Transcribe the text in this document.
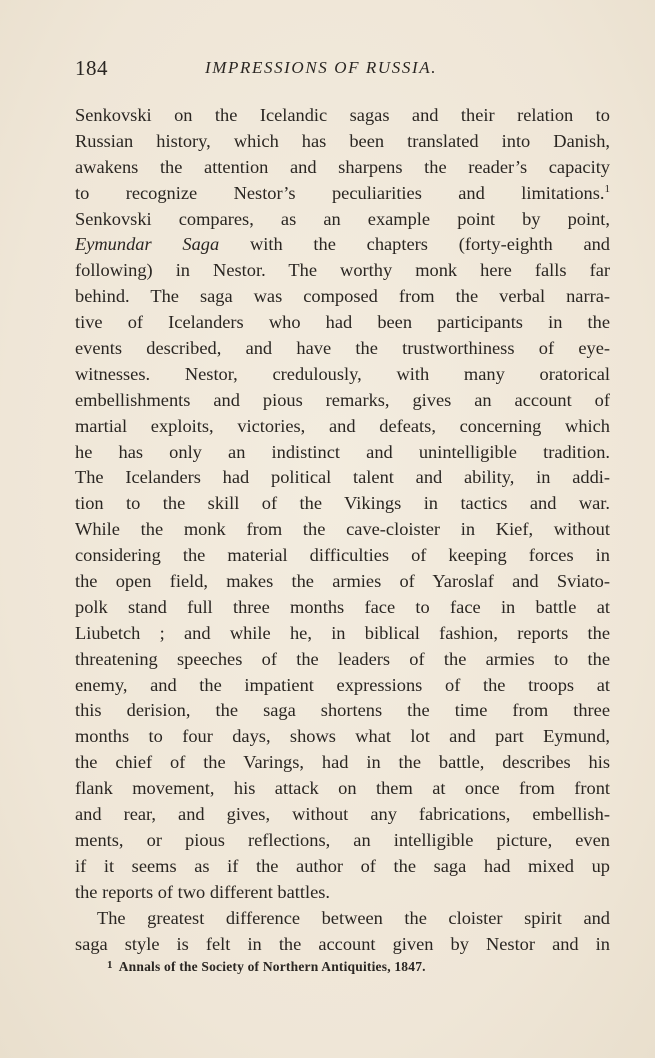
184	IMPRESSIONS OF RUSSIA.
Senkovski on the Icelandic sagas and their relation to
Russian history, which has been translated into Danish,
awakens the attention and sharpens the reader’s capacity
to recognize Nestor’s peculiarities and limitations.$^1$
Senkovski compares, as an example point by point,
Eymundar Saga with the chapters (forty-eighth and
following) in Nestor. The worthy monk here falls far
behind. The saga was composed from the verbal narra-
tive of Icelanders who had been participants in the
events described, and have the trustworthiness of eye-
witnesses. Nestor, credulously, with many oratorical
embellishments and pious remarks, gives an account of
martial exploits, victories, and defeats, concerning which
he has only an indistinct and unintelligible tradition.
The Icelanders had political talent and ability, in addi-
tion to the skill of the Vikings in tactics and war.
While the monk from the cave-cloister in Kief, without
considering the material difficulties of keeping forces in
the open field, makes the armies of Yaroslaf and Sviato-
polk stand full three months face to face in battle at
Liubetch ; and while he, in biblical fashion, reports the
threatening speeches of the leaders of the armies to the
enemy, and the impatient expressions of the troops at
this derision, the saga shortens the time from three
months to four days, shows what lot and part Eymund,
the chief of the Varings, had in the battle, describes his
flank movement, his attack on them at once from front
and rear, and gives, without any fabrications, embellish-
ments, or pious reflections, an intelligible picture, even
if it seems as if the author of the saga had mixed up
the reports of two different battles.
The greatest difference between the cloister spirit and
saga style is felt in the account given by Nestor and in
$^1$ Annals of the Society of Northern Antiquities, 1847.
